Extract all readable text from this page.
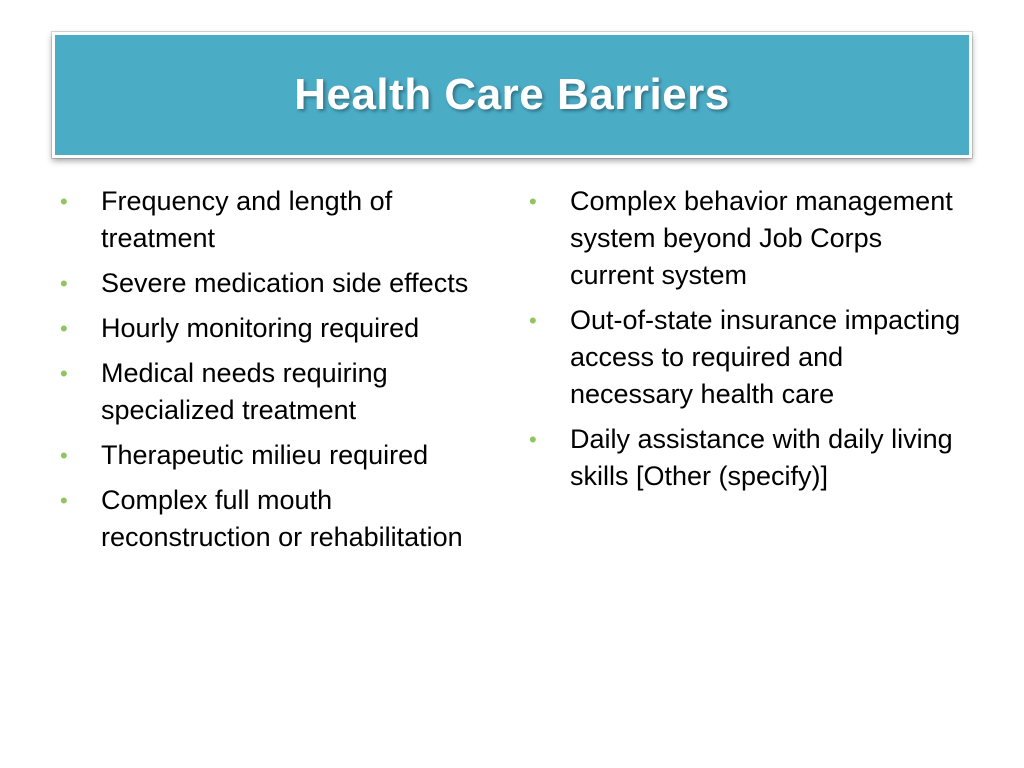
Health Care Barriers
• Frequency and length of treatment
• Severe medication side effects
• Hourly monitoring required
• Medical needs requiring specialized treatment
• Therapeutic milieu required
• Complex full mouth reconstruction or rehabilitation
• Complex behavior management system beyond Job Corps current system
• Out-of-state insurance impacting access to required and necessary health care
• Daily assistance with daily living skills [Other (specify)]
